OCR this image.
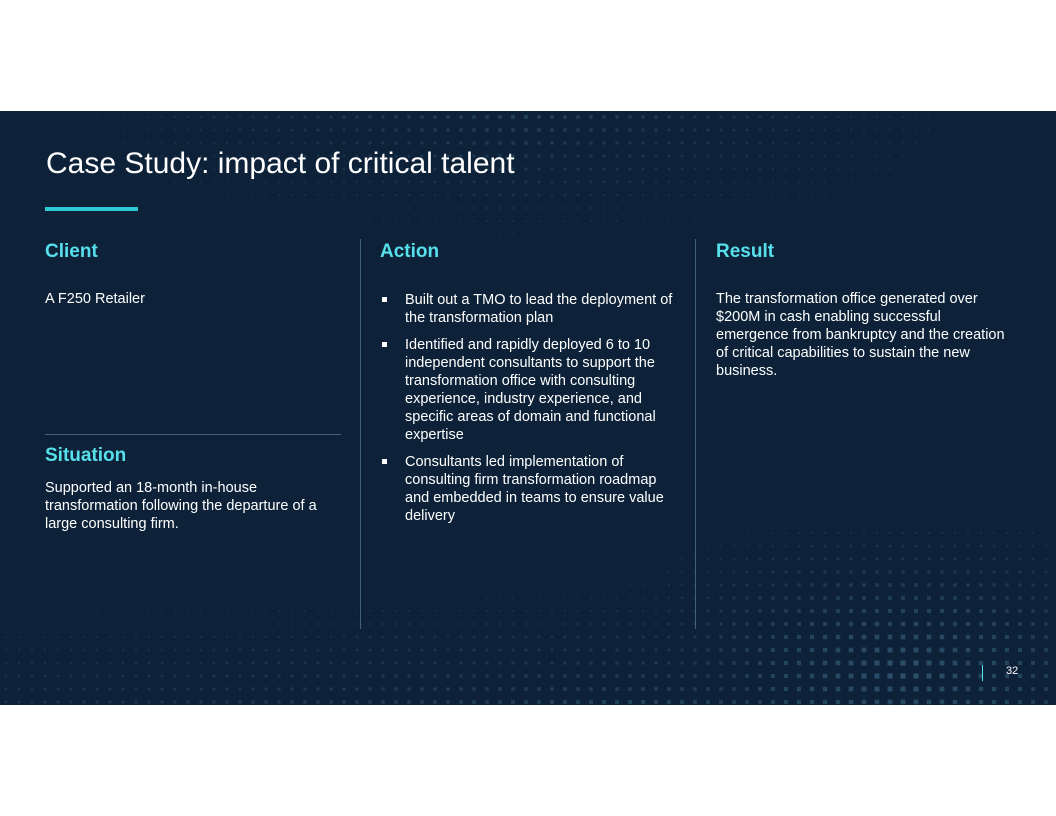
Case Study: impact of critical talent
Client

A F250 Retailer

Situation

Supported an 18-month in-house transformation following the departure of a large consulting firm.

Action
Built out a TMO to lead the deployment of the transformation plan
Identified and rapidly deployed 6 to 10 independent consultants to support the transformation office with consulting experience, industry experience, and specific areas of domain and functional expertise
Consultants led implementation of consulting firm transformation roadmap and embedded in teams to ensure value delivery
Result

The transformation office generated over $200M in cash enabling successful emergence from bankruptcy and the creation of critical capabilities to sustain the new business.

32
